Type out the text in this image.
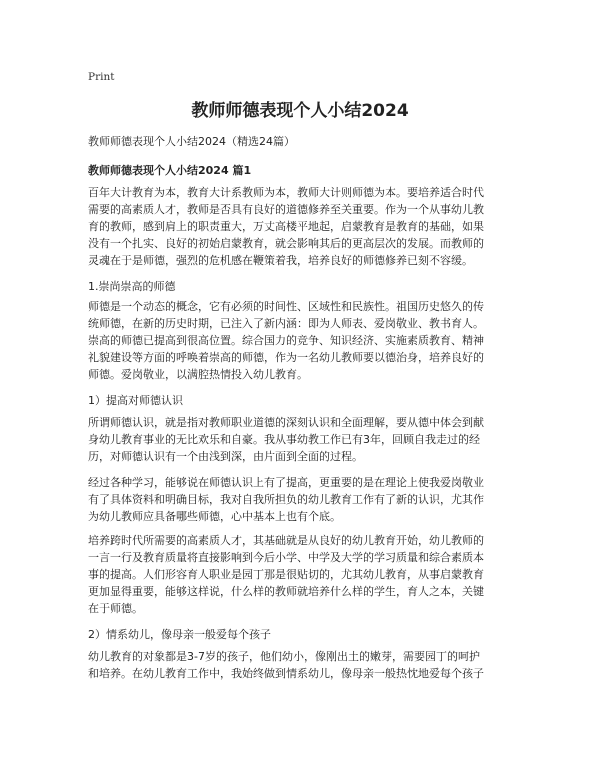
Print
教师师德表现个人小结2024
教师师德表现个人小结2024（精选24篇）
教师师德表现个人小结2024 篇1
百年大计教育为本，教育大计系教师为本，教师大计则师德为本。要培养适合时代
需要的高素质人才，教师是否具有良好的道德修养至关重要。作为一个从事幼儿教
育的教师，感到肩上的职责重大，万丈高楼平地起，启蒙教育是教育的基础，如果
没有一个扎实、良好的初始启蒙教育，就会影响其后的更高层次的发展。而教师的
灵魂在于是师德，强烈的危机感在鞭策着我，培养良好的师德修养已刻不容缓。
1.崇尚崇高的师德
师德是一个动态的概念，它有必须的时间性、区域性和民族性。祖国历史悠久的传
统师德，在新的历史时期，已注入了新内涵：即为人师表、爱岗敬业、教书育人。
崇高的师德已提高到很高位置。综合国力的竞争、知识经济、实施素质教育、精神
礼貌建设等方面的呼唤着崇高的师德，作为一名幼儿教师要以德治身，培养良好的
师德。爱岗敬业，以满腔热情投入幼儿教育。
1）提高对师德认识
所谓师德认识，就是指对教师职业道德的深刻认识和全面理解，要从德中体会到献
身幼儿教育事业的无比欢乐和自豪。我从事幼教工作已有3年，回顾自我走过的经
历，对师德认识有一个由浅到深，由片面到全面的过程。
经过各种学习，能够说在师德认识上有了提高，更重要的是在理论上使我爱岗敬业
有了具体资料和明确目标，我对自我所担负的幼儿教育工作有了新的认识，尤其作
为幼儿教师应具备哪些师德，心中基本上也有个底。
培养跨时代所需要的高素质人才，其基础就是从良好的幼儿教育开始，幼儿教师的
一言一行及教育质量将直接影响到今后小学、中学及大学的学习质量和综合素质本
事的提高。人们形容育人职业是园丁那是很贴切的，尤其幼儿教育，从事启蒙教育
更加显得重要，能够这样说，什么样的教师就培养什么样的学生，育人之本，关键
在于师德。
2）情系幼儿，像母亲一般爱每个孩子
幼儿教育的对象都是3-7岁的孩子，他们幼小，像刚出土的嫩芽，需要园丁的呵护
和培养。在幼儿教育工作中，我始终做到情系幼儿，像母亲一般热忱地爱每个孩子
